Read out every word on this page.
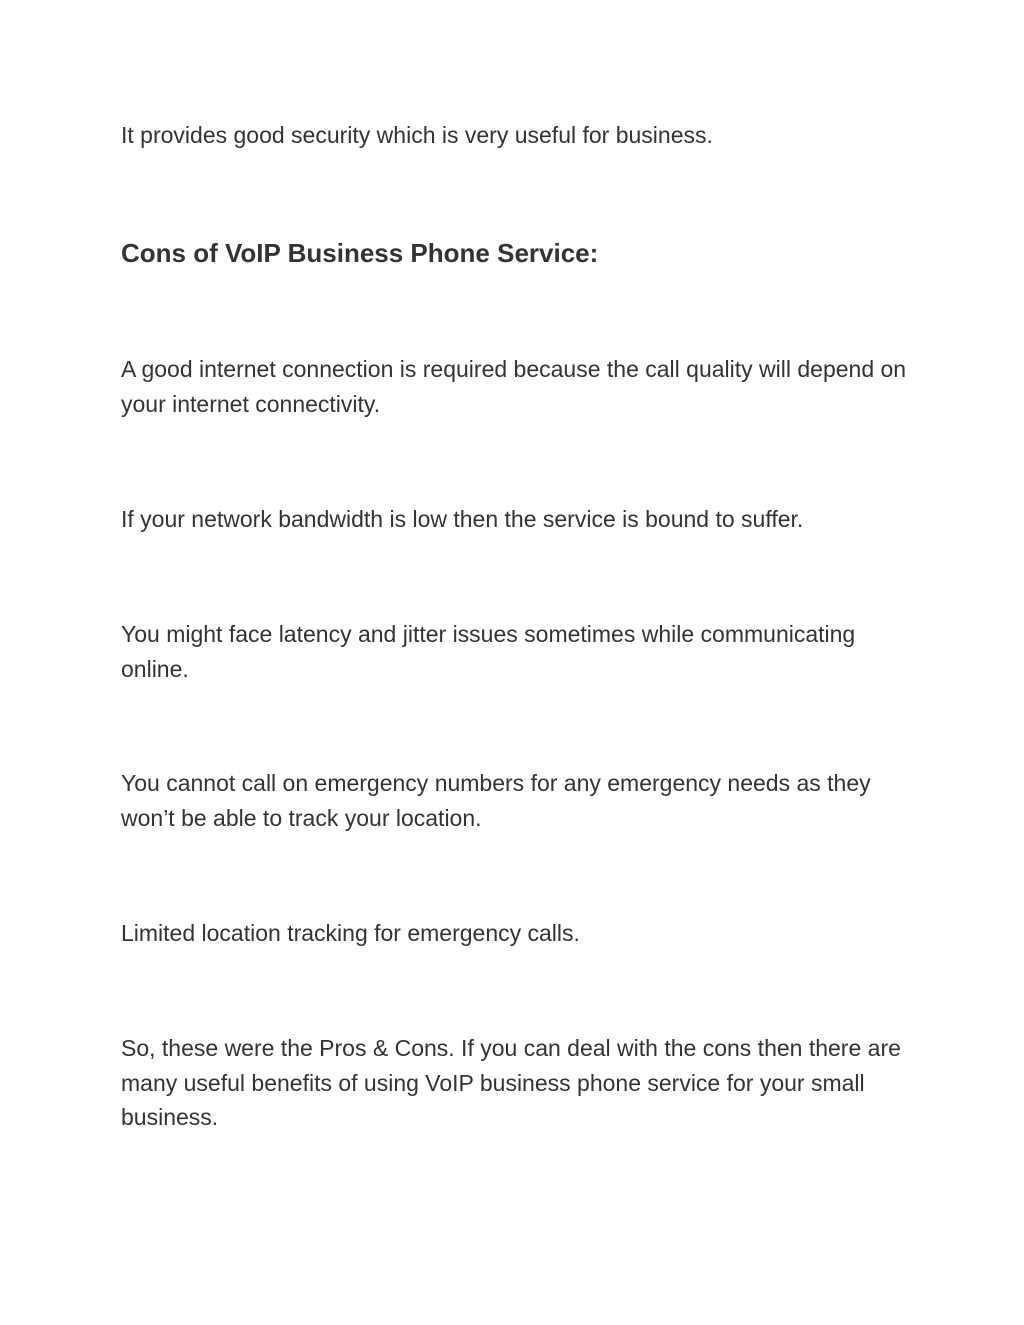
It provides good security which is very useful for business.

Cons of VoIP Business Phone Service:

A good internet connection is required because the call quality will depend on your internet connectivity.

If your network bandwidth is low then the service is bound to suffer.

You might face latency and jitter issues sometimes while communicating online.

You cannot call on emergency numbers for any emergency needs as they won’t be able to track your location.

Limited location tracking for emergency calls.

So, these were the Pros & Cons. If you can deal with the cons then there are many useful benefits of using VoIP business phone service for your small business.
